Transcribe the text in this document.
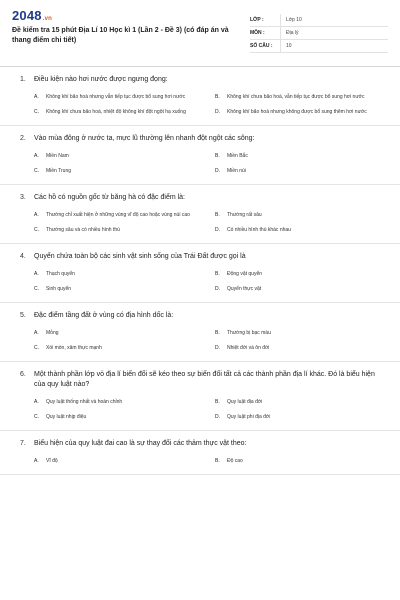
2048.vn
Đề kiểm tra 15 phút Địa Lí 10 Học kì 1 (Lần 2 - Đề 3) (có đáp án và thang điểm chi tiết)
LỚP :	Lớp 10
MÔN :	Địa lý
SỐ CÂU :	10
1.	Điều kiện nào hơi nước được ngưng đọng:
A.	Không khí bão hoà nhưng vẫn tiếp tục được bổ sung hơi nước	B.	Không khí chưa bão hoà, vẫn tiếp tục được bổ sung hơi nước
C.	Không khí chưa bão hoà, nhiệt độ không khí đột ngột hạ xuống	D.	Không khí bão hoà nhưng không được bổ sung thêm hơi nước
2.	Vào mùa đông ở nước ta, mực lũ thường lên nhanh đột ngột các sông:
A.	Miền Nam	B.	Miền Bắc
C.	Miền Trung	D.	Miền núi
3.	Các hồ có nguồn gốc từ băng hà có đặc điểm là:
A.	Thường chỉ xuất hiện ở những vùng vĩ độ cao hoặc vùng núi cao	B.	Thường rất sâu
C.	Thường sâu và có nhiều hình thù	D.	Có nhiều hình thù khác nhau
4.	Quyển chứa toàn bộ các sinh vật sinh sống của Trái Đất được gọi là
A.	Thạch quyển	B.	Động vật quyển
C.	Sinh quyển	D.	Quyển thực vật
5.	Đặc điểm tầng đất ở vùng có địa hình dốc là:
A.	Mỏng	B.	Thường bị bạc màu
C.	Xói mòn, xâm thực mạnh	D.	Nhiệt đới và ôn đới
6.	Một thành phần lớp vỏ địa lí biến đổi sẽ kéo theo sự biến đổi tất cả các thành phần địa lí khác. Đó là biểu hiện của quy luật nào?
A.	Quy luật thống nhất và hoàn chỉnh	B.	Quy luật địa đới
C.	Quy luật nhịp điệu	D.	Quy luật phi địa đới
7.	Biểu hiện của quy luật đai cao là sự thay đổi các thảm thực vật theo:
A.	Vĩ độ	B.	Độ cao
